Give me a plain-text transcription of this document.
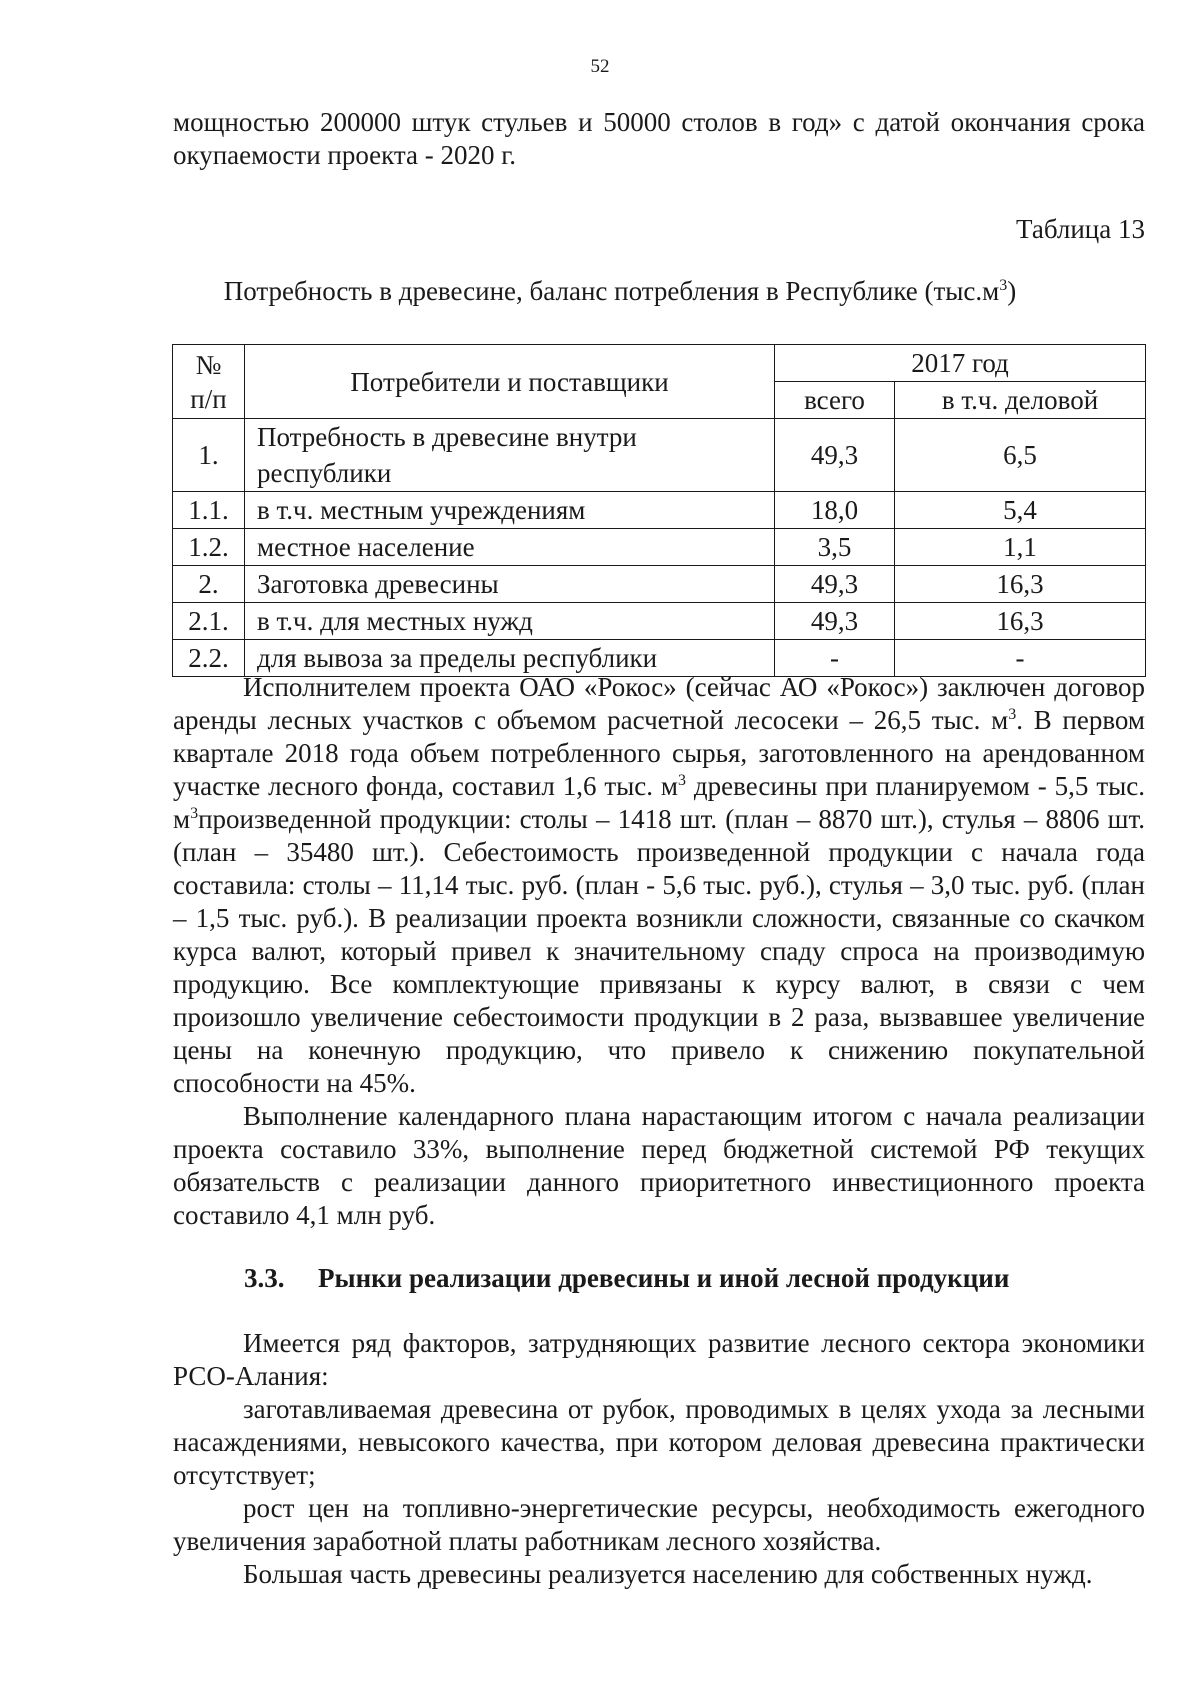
52

мощностью 200000 штук стульев и 50000 столов в год» с датой окончания срока окупаемости проекта - 2020 г.

Таблица 13
Потребность в древесине, баланс потребления в Республике $(тыс.м^3)$
№
п/п	Потребители и поставщики	2017 год	
		всего	в т.ч. деловой
1.	Потребность в древесине внутри республики	49,3	6,5
1.1.	в т.ч. местным учреждениям	18,0	5,4
1.2.	местное население	3,5	1,1
2.	Заготовка древесины	49,3	16,3
2.1.	в т.ч. для местных нужд	49,3	16,3
2.2.	для вывоза за пределы республики	-	-

Исполнителем проекта ОАО «Рокос» (сейчас АО «Рокос») заключен договор аренды лесных участков с объемом расчетной лесосеки – 26,5 тыс. $м^3$. В первом квартале 2018 года объем потребленного сырья, заготовленного на арендованном участке лесного фонда, составил 1,6 тыс. $м^3$ древесины при планируемом - 5,5 тыс. $м^3произведенной$ продукции: столы – 1418 шт. (план – 8870 шт.), стулья – 8806 шт. (план – 35480 шт.). Себестоимость произведенной продукции с начала года составила: столы – 11,14 тыс. руб. (план - 5,6 тыс. руб.), стулья – 3,0 тыс. руб. (план – 1,5 тыс. руб.). В реализации проекта возникли сложности, связанные со скачком курса валют, который привел к значительному спаду спроса на производимую продукцию. Все комплектующие привязаны к курсу валют, в связи с чем произошло увеличение себестоимости продукции в 2 раза, вызвавшее увеличение цены на конечную продукцию, что привело к снижению покупательной способности на 45%.

Выполнение календарного плана нарастающим итогом с начала реализации проекта составило 33%, выполнение перед бюджетной системой РФ текущих обязательств с реализации данного приоритетного инвестиционного проекта составило 4,1 млн руб.

3.3. Рынки реализации древесины и иной лесной продукции

Имеется ряд факторов, затрудняющих развитие лесного сектора экономики РСО-Алания:

заготавливаемая древесина от рубок, проводимых в целях ухода за лесными насаждениями, невысокого качества, при котором деловая древесина практически отсутствует;

рост цен на топливно-энергетические ресурсы, необходимость ежегодного увеличения заработной платы работникам лесного хозяйства.

Большая часть древесины реализуется населению для собственных нужд.
